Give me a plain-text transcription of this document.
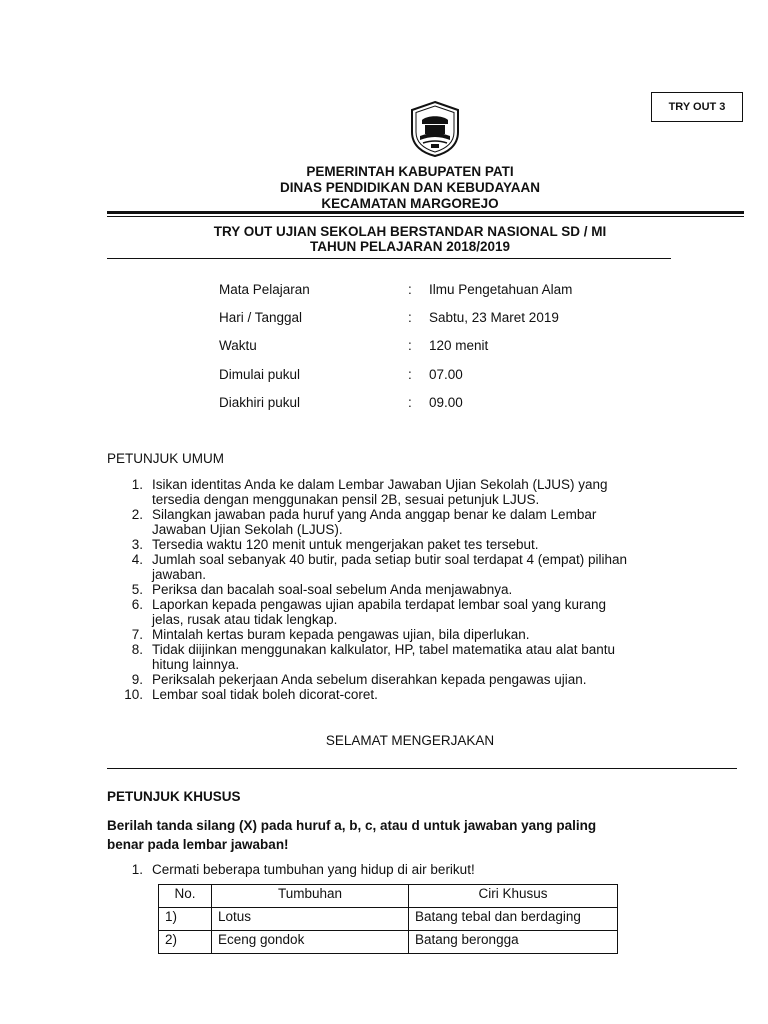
TRY OUT 3
PEMERINTAH KABUPATEN PATI
DINAS PENDIDIKAN DAN KEBUDAYAAN
KECAMATAN MARGOREJO
TRY OUT UJIAN SEKOLAH BERSTANDAR NASIONAL SD / MI
TAHUN PELAJARAN 2018/2019
Mata Pelajaran	: Ilmu Pengetahuan Alam
Hari / Tanggal	: Sabtu, 23 Maret 2019
Waktu	: 120 menit
Dimulai pukul	: 07.00
Diakhiri pukul	: 09.00
PETUNJUK UMUM
1. Isikan identitas Anda ke dalam Lembar Jawaban Ujian Sekolah (LJUS) yang
tersedia dengan menggunakan pensil 2B, sesuai petunjuk LJUS.
2. Silangkan jawaban pada huruf yang Anda anggap benar ke dalam Lembar
Jawaban Ujian Sekolah (LJUS).
3. Tersedia waktu 120 menit untuk mengerjakan paket tes tersebut.
4. Jumlah soal sebanyak 40 butir, pada setiap butir soal terdapat 4 (empat) pilihan
jawaban.
5. Periksa dan bacalah soal-soal sebelum Anda menjawabnya.
6. Laporkan kepada pengawas ujian apabila terdapat lembar soal yang kurang
jelas, rusak atau tidak lengkap.
7. Mintalah kertas buram kepada pengawas ujian, bila diperlukan.
8. Tidak diijinkan menggunakan kalkulator, HP, tabel matematika atau alat bantu
hitung lainnya.
9. Periksalah pekerjaan Anda sebelum diserahkan kepada pengawas ujian.
10. Lembar soal tidak boleh dicorat-coret.
SELAMAT MENGERJAKAN
PETUNJUK KHUSUS
Berilah tanda silang (X) pada huruf a, b, c, atau d untuk jawaban yang paling
benar pada lembar jawaban!
1. Cermati beberapa tumbuhan yang hidup di air berikut!
No.	Tumbuhan	Ciri Khusus
1)	Lotus	Batang tebal dan berdaging
2)	Eceng gondok	Batang berongga
